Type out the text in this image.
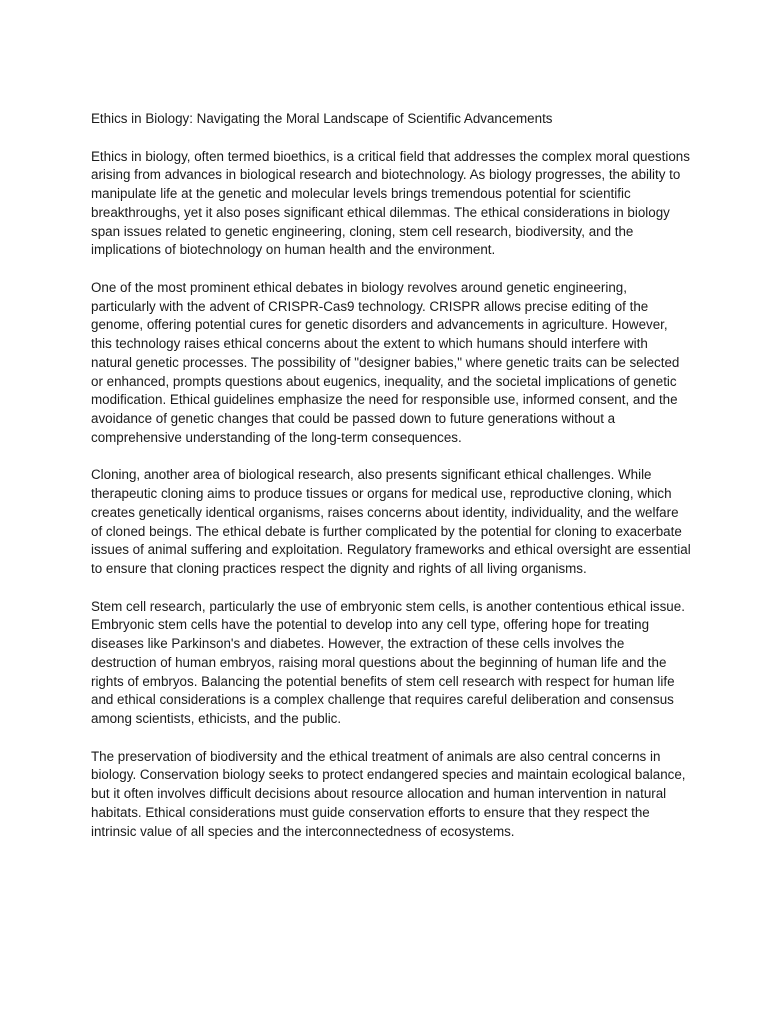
Ethics in Biology: Navigating the Moral Landscape of Scientific Advancements

Ethics in biology, often termed bioethics, is a critical field that addresses the complex moral questions arising from advances in biological research and biotechnology. As biology progresses, the ability to manipulate life at the genetic and molecular levels brings tremendous potential for scientific breakthroughs, yet it also poses significant ethical dilemmas. The ethical considerations in biology span issues related to genetic engineering, cloning, stem cell research, biodiversity, and the implications of biotechnology on human health and the environment.

One of the most prominent ethical debates in biology revolves around genetic engineering, particularly with the advent of CRISPR-Cas9 technology. CRISPR allows precise editing of the genome, offering potential cures for genetic disorders and advancements in agriculture. However, this technology raises ethical concerns about the extent to which humans should interfere with natural genetic processes. The possibility of "designer babies," where genetic traits can be selected or enhanced, prompts questions about eugenics, inequality, and the societal implications of genetic modification. Ethical guidelines emphasize the need for responsible use, informed consent, and the avoidance of genetic changes that could be passed down to future generations without a comprehensive understanding of the long-term consequences.

Cloning, another area of biological research, also presents significant ethical challenges. While therapeutic cloning aims to produce tissues or organs for medical use, reproductive cloning, which creates genetically identical organisms, raises concerns about identity, individuality, and the welfare of cloned beings. The ethical debate is further complicated by the potential for cloning to exacerbate issues of animal suffering and exploitation. Regulatory frameworks and ethical oversight are essential to ensure that cloning practices respect the dignity and rights of all living organisms.

Stem cell research, particularly the use of embryonic stem cells, is another contentious ethical issue. Embryonic stem cells have the potential to develop into any cell type, offering hope for treating diseases like Parkinson's and diabetes. However, the extraction of these cells involves the destruction of human embryos, raising moral questions about the beginning of human life and the rights of embryos. Balancing the potential benefits of stem cell research with respect for human life and ethical considerations is a complex challenge that requires careful deliberation and consensus among scientists, ethicists, and the public.

The preservation of biodiversity and the ethical treatment of animals are also central concerns in biology. Conservation biology seeks to protect endangered species and maintain ecological balance, but it often involves difficult decisions about resource allocation and human intervention in natural habitats. Ethical considerations must guide conservation efforts to ensure that they respect the intrinsic value of all species and the interconnectedness of ecosystems.
